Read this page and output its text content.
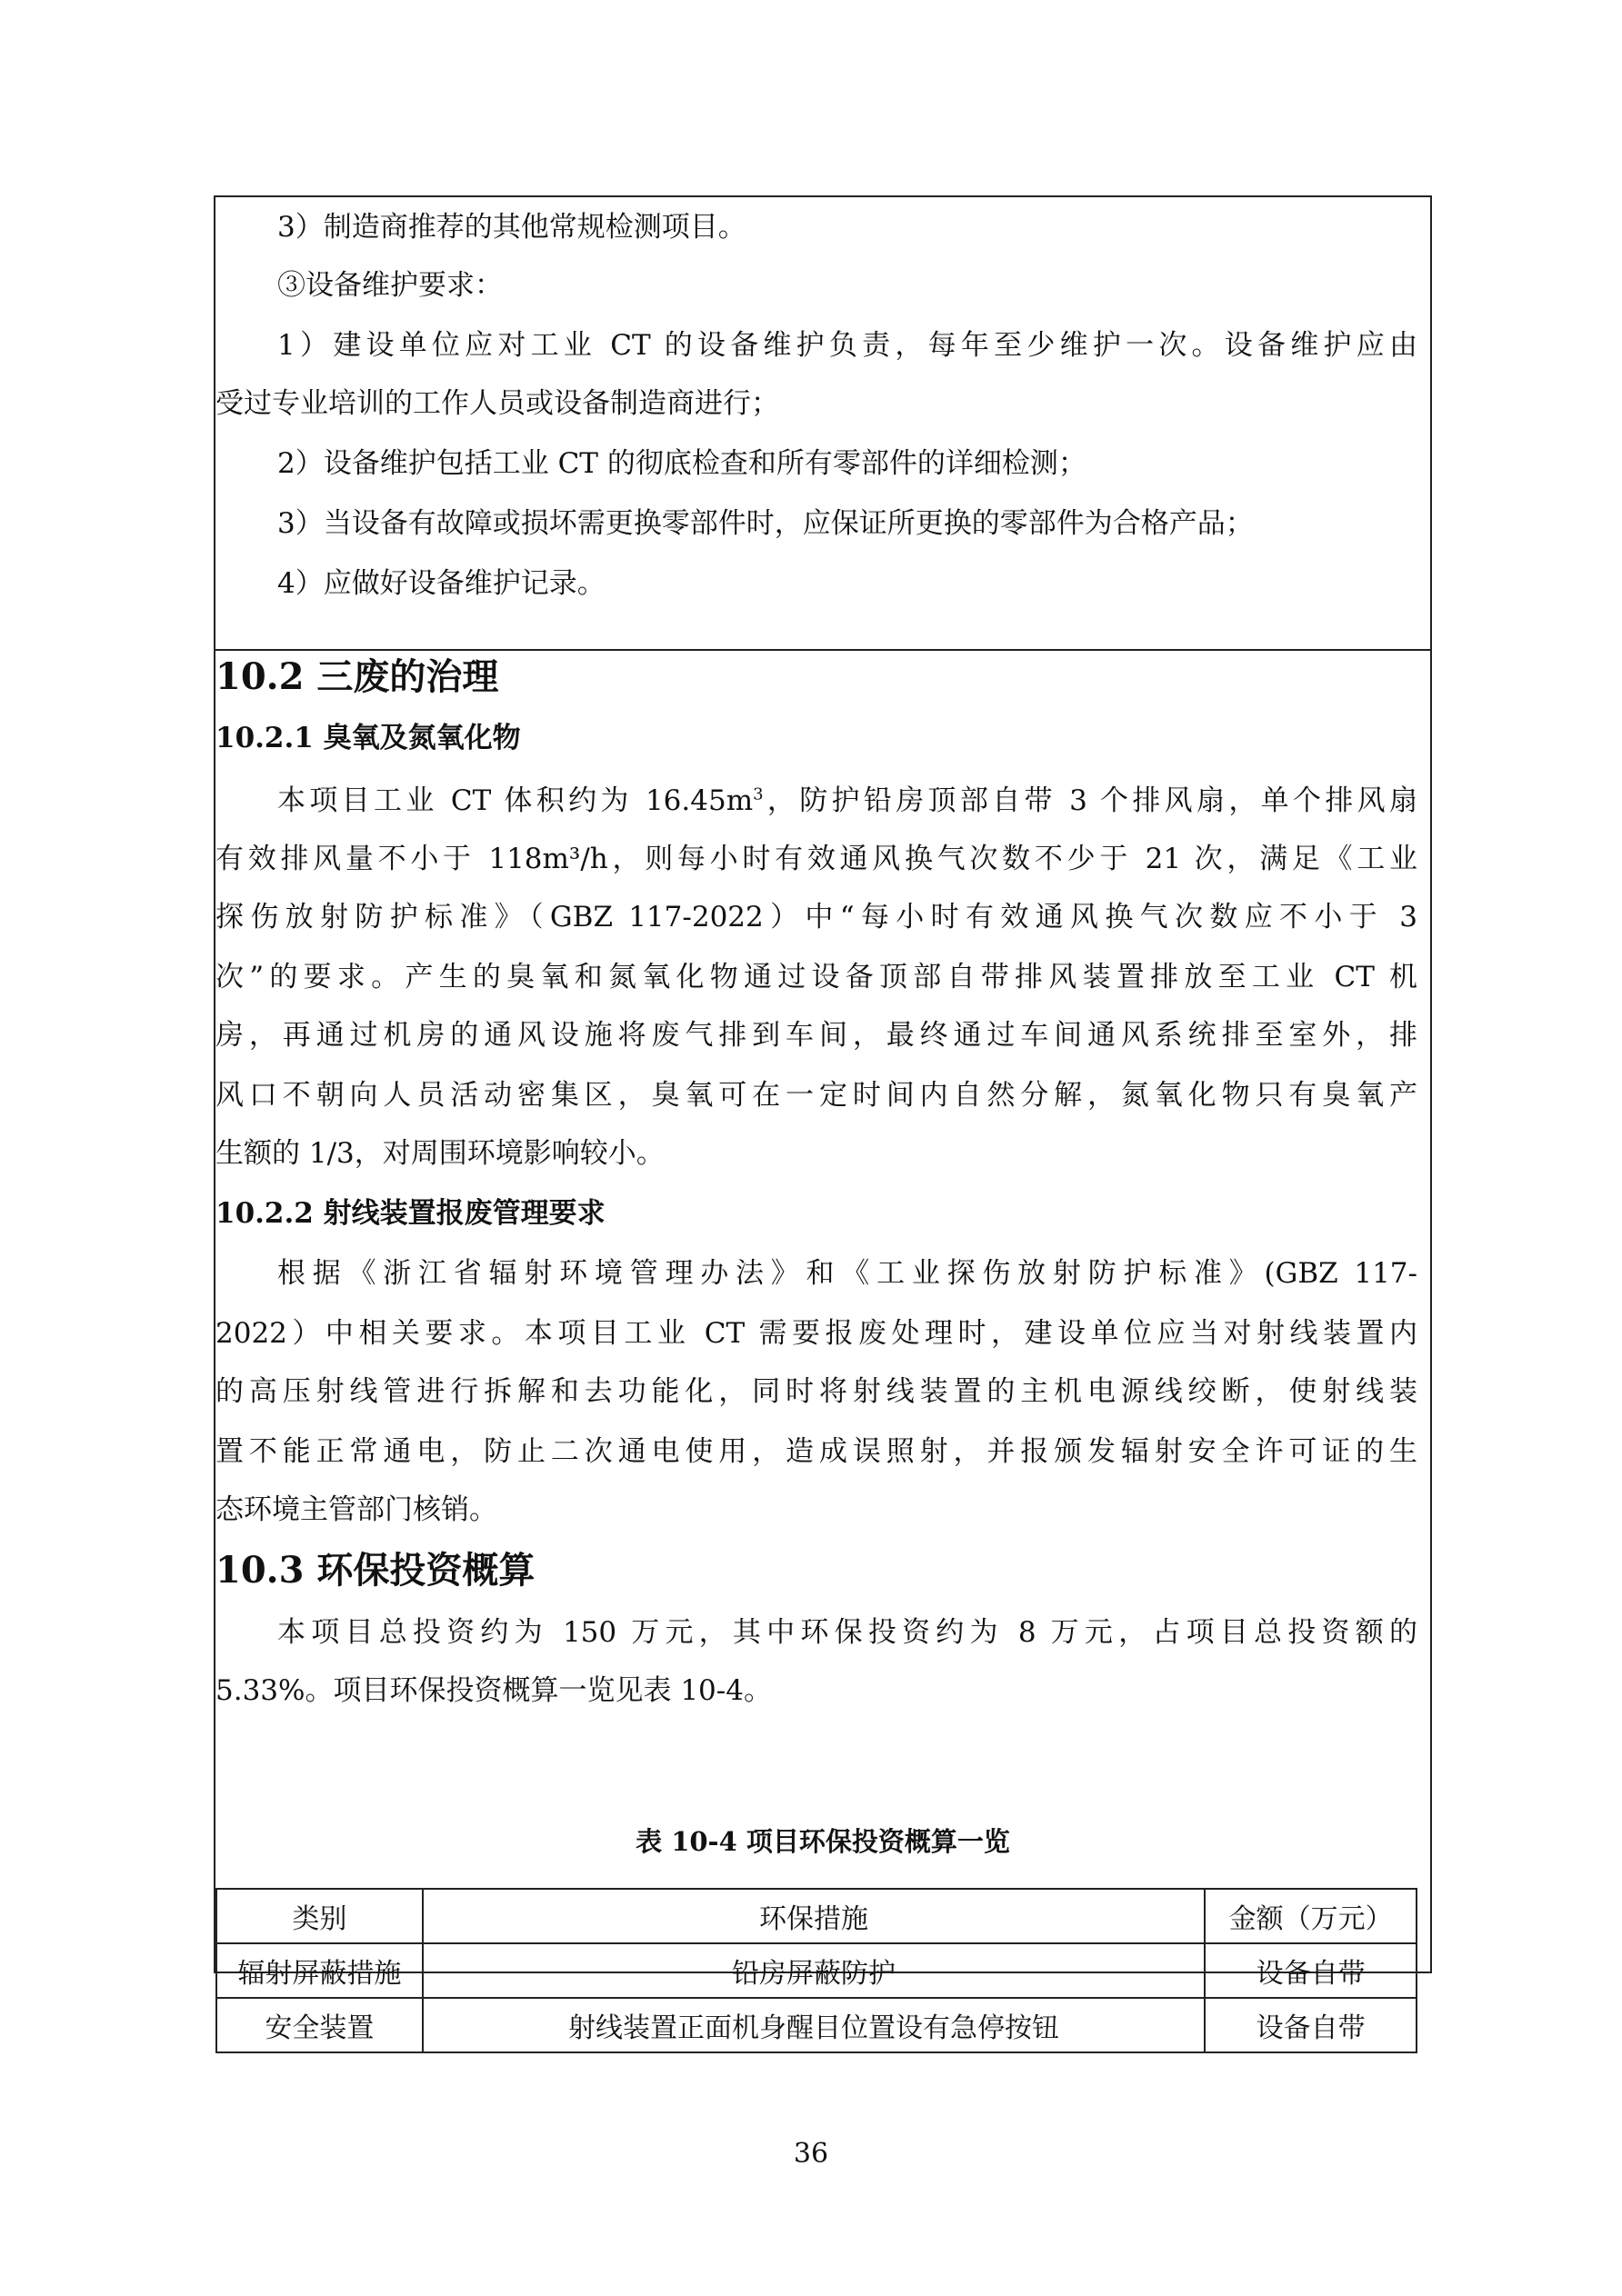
3）制造商推荐的其他常规检测项目。
③设备维护要求：
1）建设单位应对工业 CT 的设备维护负责，每年至少维护一次。设备维护应由
受过专业培训的工作人员或设备制造商进行；
2）设备维护包括工业 CT 的彻底检查和所有零部件的详细检测；
3）当设备有故障或损坏需更换零部件时，应保证所更换的零部件为合格产品；
4）应做好设备维护记录。
10.2 三废的治理
10.2.1 臭氧及氮氧化物
本项目工业 CT 体积约为 $16.45m^3$，防护铅房顶部自带 3 个排风扇，单个排风扇
有效排风量不小于 118m³/h，则每小时有效通风换气次数不少于 21 次，满足《工业
探伤放射防护标准》（GBZ 117-2022）中“每小时有效通风换气次数应不小于 3
次”的要求。产生的臭氧和氮氧化物通过设备顶部自带排风装置排放至工业 CT 机
房，再通过机房的通风设施将废气排到车间，最终通过车间通风系统排至室外，排
风口不朝向人员活动密集区，臭氧可在一定时间内自然分解，氮氧化物只有臭氧产
生额的 1/3，对周围环境影响较小。
10.2.2 射线装置报废管理要求
根据《浙江省辐射环境管理办法》和《工业探伤放射防护标准》(GBZ 117-
2022）中相关要求。本项目工业 CT 需要报废处理时，建设单位应当对射线装置内
的高压射线管进行拆解和去功能化，同时将射线装置的主机电源线绞断，使射线装
置不能正常通电，防止二次通电使用，造成误照射，并报颁发辐射安全许可证的生
态环境主管部门核销。
10.3 环保投资概算
本项目总投资约为 150 万元，其中环保投资约为 8 万元，占项目总投资额的
5.33%。项目环保投资概算一览见表 10-4。
表 10-4 项目环保投资概算一览
类别	环保措施	金额（万元）
辐射屏蔽措施	铅房屏蔽防护	设备自带
安全装置	射线装置正面机身醒目位置设有急停按钮	设备自带
36
